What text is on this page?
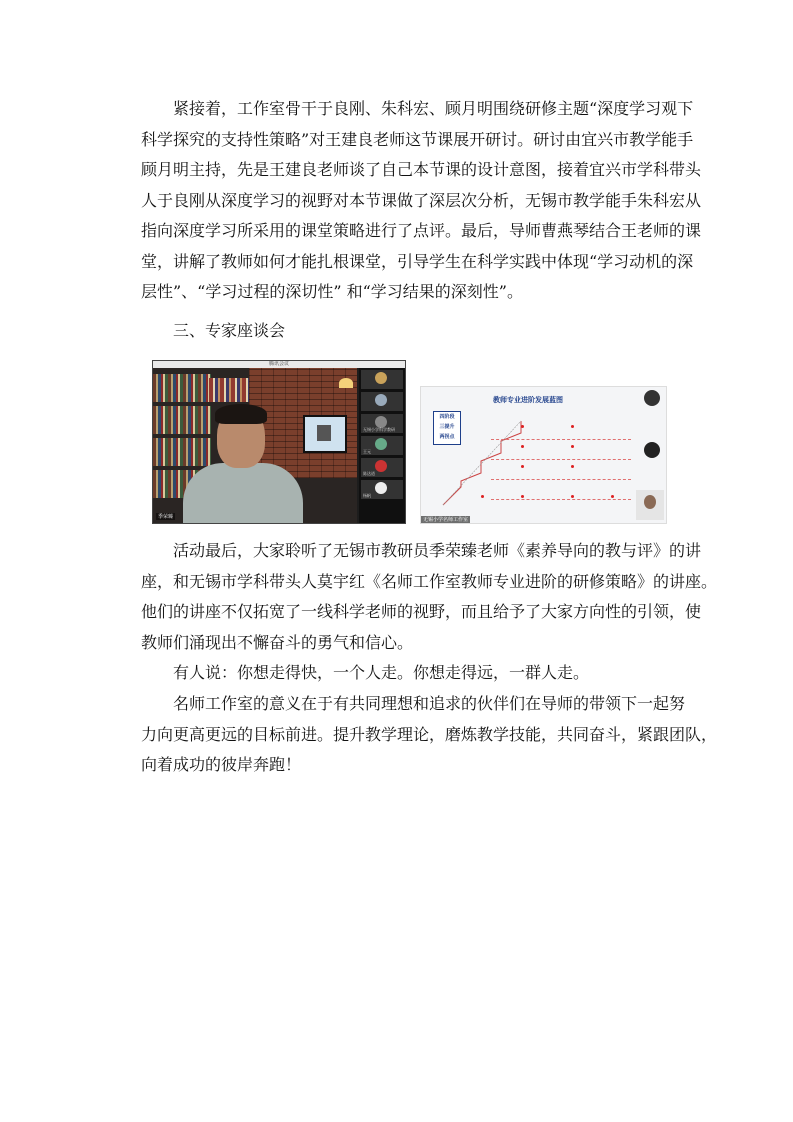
紧接着，工作室骨干于良刚、朱科宏、顾月明围绕研修主题“深度学习观下
科学探究的支持性策略”对王建良老师这节课展开研讨。研讨由宜兴市教学能手
顾月明主持，先是王建良老师谈了自己本节课的设计意图，接着宜兴市学科带头
人于良刚从深度学习的视野对本节课做了深层次分析，无锡市教学能手朱科宏从
指向深度学习所采用的课堂策略进行了点评。最后，导师曹燕琴结合王老师的课
堂，讲解了教师如何才能扎根课堂，引导学生在科学实践中体现“学习动机的深
层性”、“学习过程的深切性” 和“学习结果的深刻性”。
三、专家座谈会
腾讯会议
季荣臻
无锡小学科学教研
王元
陈达道
杨帆
教师专业进阶发展蓝图
四阶段
三提升
两拐点
无锡小学名师工作室
活动最后，大家聆听了无锡市教研员季荣臻老师《素养导向的教与评》的讲
座，和无锡市学科带头人莫宇红《名师工作室教师专业进阶的研修策略》的讲座。
他们的讲座不仅拓宽了一线科学老师的视野，而且给予了大家方向性的引领，使
教师们涌现出不懈奋斗的勇气和信心。
有人说：你想走得快，一个人走。你想走得远，一群人走。
名师工作室的意义在于有共同理想和追求的伙伴们在导师的带领下一起努
力向更高更远的目标前进。提升教学理论，磨炼教学技能，共同奋斗，紧跟团队，
向着成功的彼岸奔跑！
